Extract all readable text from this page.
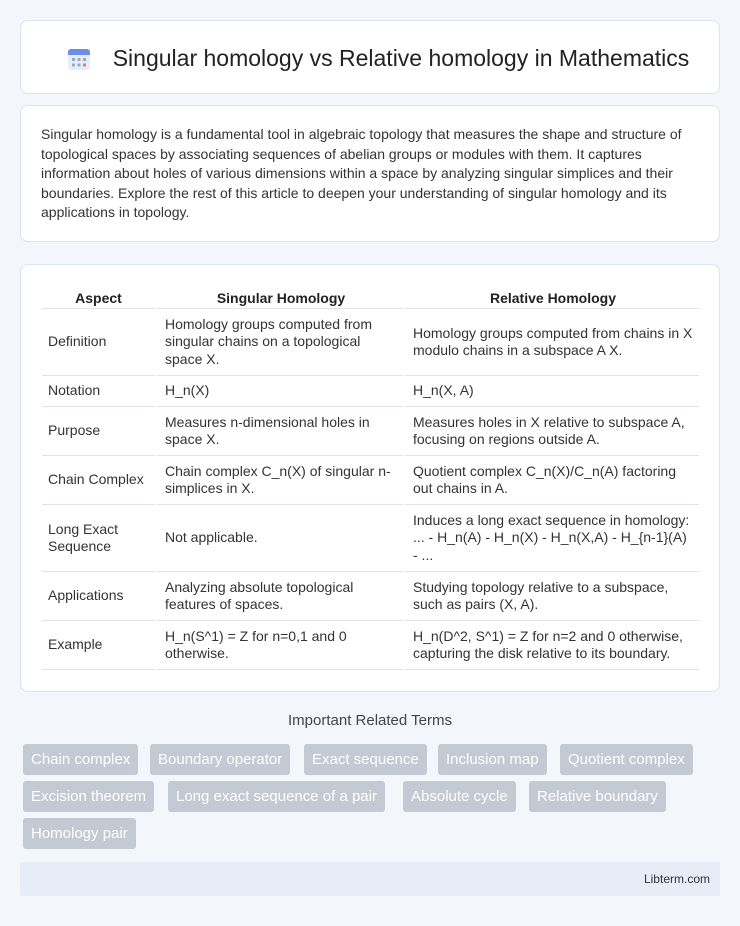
Singular homology vs Relative homology in Mathematics

Singular homology is a fundamental tool in algebraic topology that measures the shape and structure of topological spaces by associating sequences of abelian groups or modules with them. It captures information about holes of various dimensions within a space by analyzing singular simplices and their boundaries. Explore the rest of this article to deepen your understanding of singular homology and its applications in topology.

Aspect	Singular Homology	Relative Homology
Definition	Homology groups computed from singular chains on a topological space X.	Homology groups computed from chains in X modulo chains in a subspace A X.
Notation	H_n(X)	H_n(X, A)
Purpose	Measures n-dimensional holes in space X.	Measures holes in X relative to subspace A, focusing on regions outside A.
Chain Complex	Chain complex C_n(X) of singular n-simplices in X.	Quotient complex C_n(X)/C_n(A) factoring out chains in A.
Long Exact Sequence	Not applicable.	Induces a long exact sequence in homology: ... - H_n(A) - H_n(X) - H_n(X,A) - H_{n-1}(A) - ...
Applications	Analyzing absolute topological features of spaces.	Studying topology relative to a subspace, such as pairs (X, A).
Example	H_n(S^1) = Z for n=0,1 and 0 otherwise.	H_n(D^2, S^1) = Z for n=2 and 0 otherwise, capturing the disk relative to its boundary.
Important Related Terms
Chain complex	Boundary operator	Exact sequence	Inclusion map	Quotient complex
Excision theorem	Long exact sequence of a pair	Absolute cycle	Relative boundary
Homology pair
Libterm.com
